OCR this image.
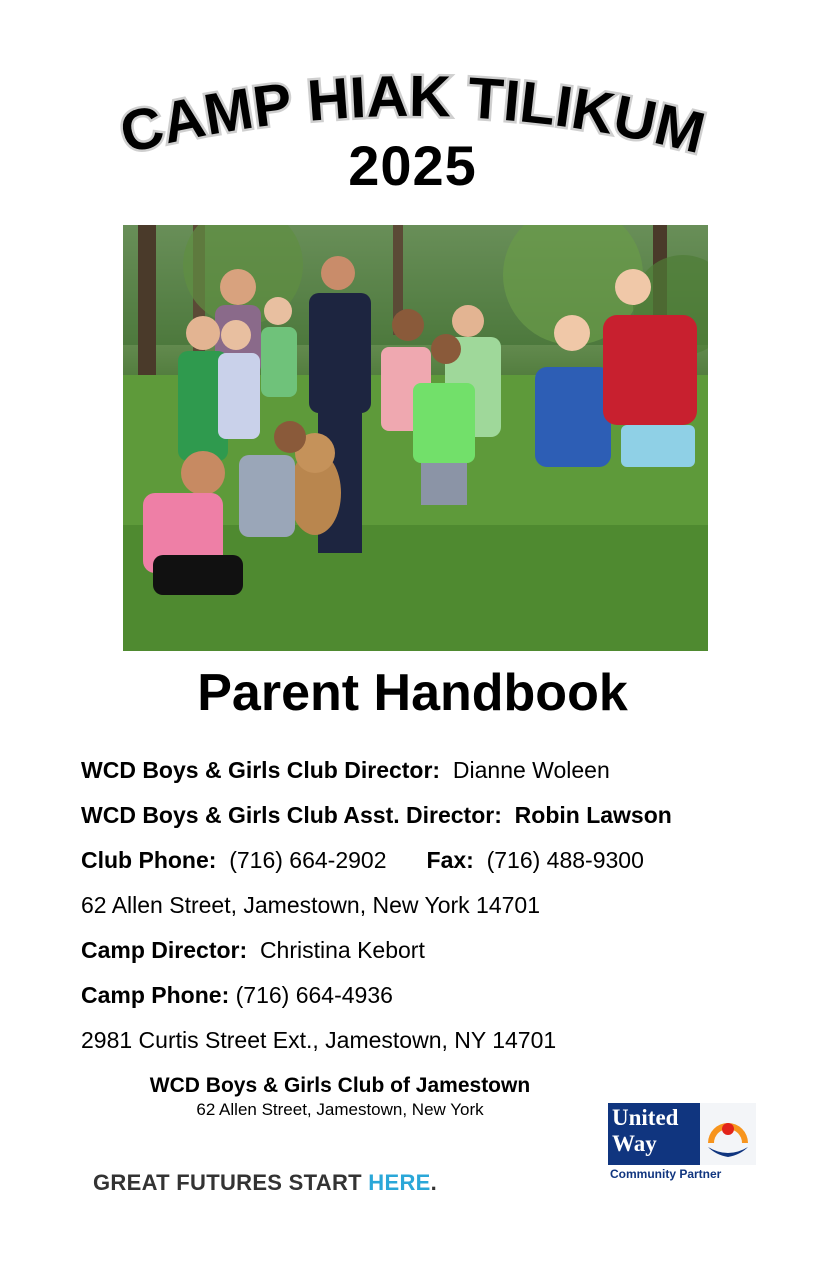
CAMP HIAK TILIKUM
2025
Parent Handbook
WCD Boys & Girls Club Director: Dianne Woleen
WCD Boys & Girls Club Asst. Director: Robin Lawson
Club Phone: (716) 664-2902 Fax: (716) 488-9300
62 Allen Street, Jamestown, New York 14701
Camp Director: Christina Kebort
Camp Phone: (716) 664-4936
2981 Curtis Street Ext., Jamestown, NY 14701
WCD Boys & Girls Club of Jamestown
62 Allen Street, Jamestown, New York
GREAT FUTURES START HERE.
United
Way
Community Partner
